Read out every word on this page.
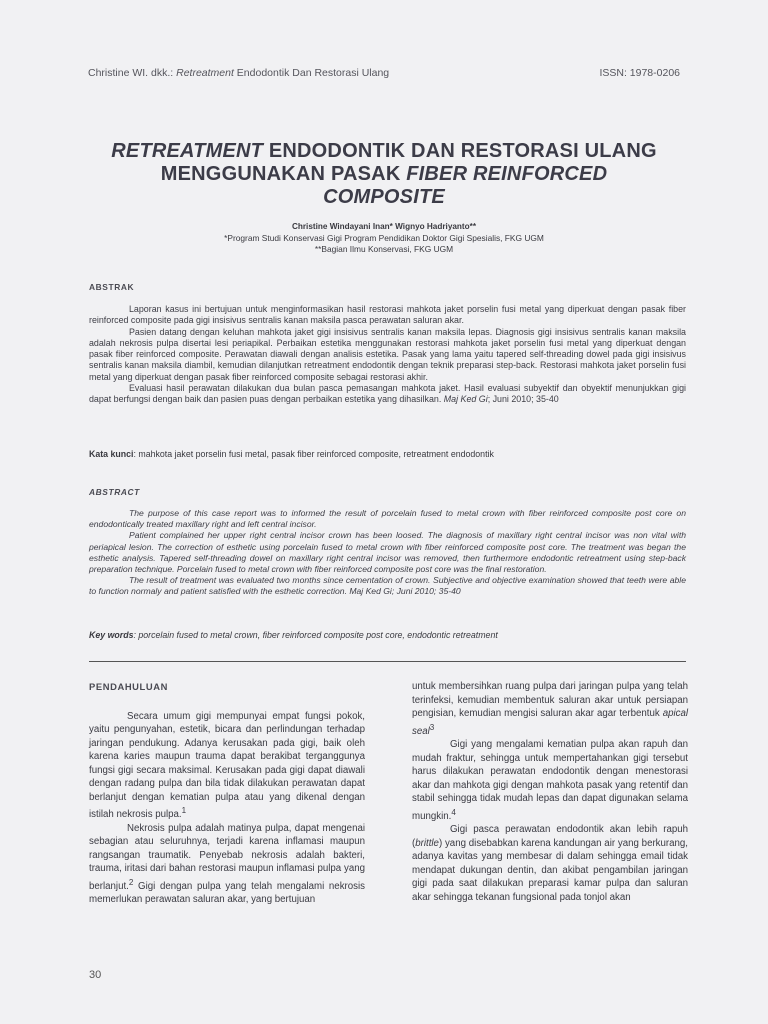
Christine WI. dkk.: Retreatment Endodontik Dan Restorasi Ulang	ISSN: 1978-0206
RETREATMENT ENDODONTIK DAN RESTORASI ULANG
MENGGUNAKAN PASAK FIBER REINFORCED
COMPOSITE
Christine Windayani Inan* Wignyo Hadriyanto**
*Program Studi Konservasi Gigi Program Pendidikan Doktor Gigi Spesialis, FKG UGM
**Bagian Ilmu Konservasi, FKG UGM
ABSTRAK

Laporan kasus ini bertujuan untuk menginformasikan hasil restorasi mahkota jaket porselin fusi metal yang diperkuat dengan pasak fiber reinforced composite pada gigi insisivus sentralis kanan maksila pasca perawatan saluran akar.

Pasien datang dengan keluhan mahkota jaket gigi insisivus sentralis kanan maksila lepas. Diagnosis gigi insisivus sentralis kanan maksila adalah nekrosis pulpa disertai lesi periapikal. Perbaikan estetika menggunakan restorasi mahkota jaket porselin fusi metal yang diperkuat dengan pasak fiber reinforced composite. Perawatan diawali dengan analisis estetika. Pasak yang lama yaitu tapered self-threading dowel pada gigi insisivus sentralis kanan maksila diambil, kemudian dilanjutkan retreatment endodontik dengan teknik preparasi step-back. Restorasi mahkota jaket porselin fusi metal yang diperkuat dengan pasak fiber reinforced composite sebagai restorasi akhir.

Evaluasi hasil perawatan dilakukan dua bulan pasca pemasangan mahkota jaket. Hasil evaluasi subyektif dan obyektif menunjukkan gigi dapat berfungsi dengan baik dan pasien puas dengan perbaikan estetika yang dihasilkan. Maj Ked Gi; Juni 2010; 35-40

Kata kunci: mahkota jaket porselin fusi metal, pasak fiber reinforced composite, retreatment endodontik
ABSTRACT

The purpose of this case report was to informed the result of porcelain fused to metal crown with fiber reinforced composite post core on endodontically treated maxillary right and left central incisor.

Patient complained her upper right central incisor crown has been loosed. The diagnosis of maxillary right central incisor was non vital with periapical lesion. The correction of esthetic using porcelain fused to metal crown with fiber reinforced composite post core. The treatment was began the esthetic analysis. Tapered self-threading dowel on maxillary right central incisor was removed, then furthermore endodontic retreatment using step-back preparation technique. Porcelain fused to metal crown with fiber reinforced composite post core was the final restoration.

The result of treatment was evaluated two months since cementation of crown. Subjective and objective examination showed that teeth were able to function normaly and patient satisfied with the esthetic correction. Maj Ked Gi; Juni 2010; 35-40

Key words: porcelain fused to metal crown, fiber reinforced composite post core, endodontic retreatment
PENDAHULUAN

Secara umum gigi mempunyai empat fungsi pokok, yaitu pengunyahan, estetik, bicara dan perlindungan terhadap jaringan pendukung. Adanya kerusakan pada gigi, baik oleh karena karies maupun trauma dapat berakibat terganggunya fungsi gigi secara maksimal. Kerusakan pada gigi dapat diawali dengan radang pulpa dan bila tidak dilakukan perawatan dapat berlanjut dengan kematian pulpa atau yang dikenal dengan istilah nekrosis pulpa.$^1$

Nekrosis pulpa adalah matinya pulpa, dapat mengenai sebagian atau seluruhnya, terjadi karena inflamasi maupun rangsangan traumatik. Penyebab nekrosis adalah bakteri, trauma, iritasi dari bahan restorasi maupun inflamasi pulpa yang berlanjut.$^2$ Gigi dengan pulpa yang telah mengalami nekrosis memerlukan perawatan saluran akar, yang bertujuan

untuk membersihkan ruang pulpa dari jaringan pulpa yang telah terinfeksi, kemudian membentuk saluran akar untuk persiapan pengisian, kemudian mengisi saluran akar agar terbentuk apical seal$^3$

Gigi yang mengalami kematian pulpa akan rapuh dan mudah fraktur, sehingga untuk mempertahankan gigi tersebut harus dilakukan perawatan endodontik dengan menestorasi akar dan mahkota gigi dengan mahkota pasak yang retentif dan stabil sehingga tidak mudah lepas dan dapat digunakan selama mungkin.$^4$

Gigi pasca perawatan endodontik akan lebih rapuh (brittle) yang disebabkan karena kandungan air yang berkurang, adanya kavitas yang membesar di dalam sehingga email tidak mendapat dukungan dentin, dan akibat pengambilan jaringan gigi pada saat dilakukan preparasi kamar pulpa dan saluran akar sehingga tekanan fungsional pada tonjol akan

30
